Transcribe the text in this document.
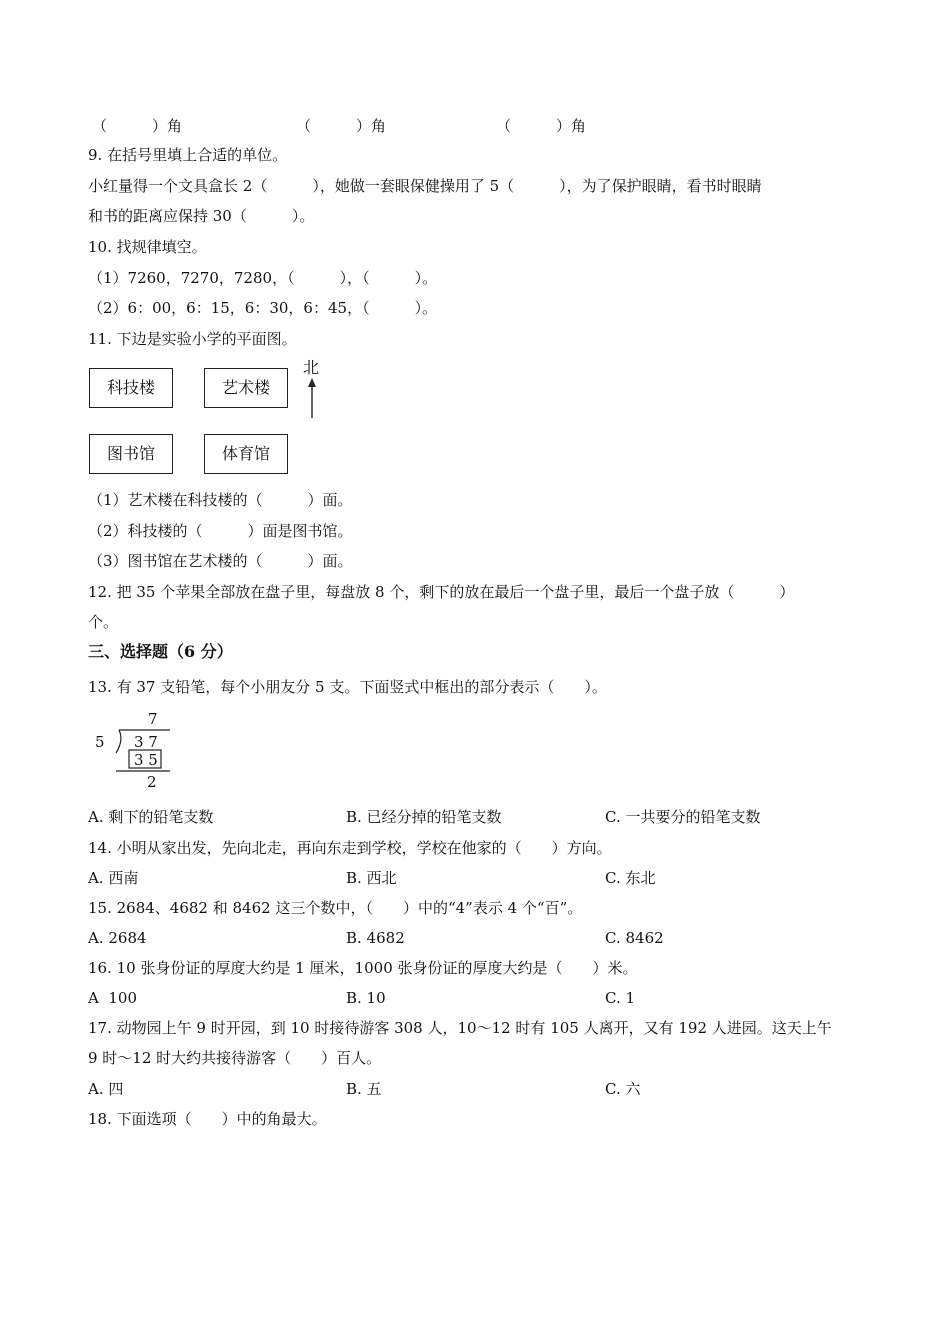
（　　　）角	（　　　）角	（　　　）角
9. 在括号里填上合适的单位。
小红量得一个文具盒长 2（　　　），她做一套眼保健操用了 5（　　　），为了保护眼睛，看书时眼睛
和书的距离应保持 30（　　　）。
10. 找规律填空。
（1）7260，7270，7280，（　　　），（　　　）。
（2）6：00，6：15，6：30，6：45，（　　　）。
11. 下边是实验小学的平面图。
科技楼	艺术楼
图书馆	体育馆
北
（1）艺术楼在科技楼的（　　　）面。
（2）科技楼的（　　　）面是图书馆。
（3）图书馆在艺术楼的（　　　）面。
12. 把 35 个苹果全部放在盘子里，每盘放 8 个，剩下的放在最后一个盘子里，最后一个盘子放（　　　）
个。
三、选择题（6 分）
13. 有 37 支铅笔，每个小朋友分 5 支。下面竖式中框出的部分表示（　　）。
7
5 3 7
3 5
2
A. 剩下的铅笔支数	B. 已经分掉的铅笔支数	C. 一共要分的铅笔支数
14. 小明从家出发，先向北走，再向东走到学校，学校在他家的（　　）方向。
A. 西南	B. 西北	C. 东北
15. 2684、4682 和 8462 这三个数中，（　　）中的“4”表示 4 个“百”。
A. 2684	B. 4682	C. 8462
16. 10 张身份证的厚度大约是 1 厘米，1000 张身份证的厚度大约是（　　）米。
A  100	B. 10	C. 1
17. 动物园上午 9 时开园，到 10 时接待游客 308 人，10～12 时有 105 人离开，又有 192 人进园。这天上午
9 时～12 时大约共接待游客（　　）百人。
A. 四	B. 五	C. 六
18. 下面选项（　　）中的角最大。
